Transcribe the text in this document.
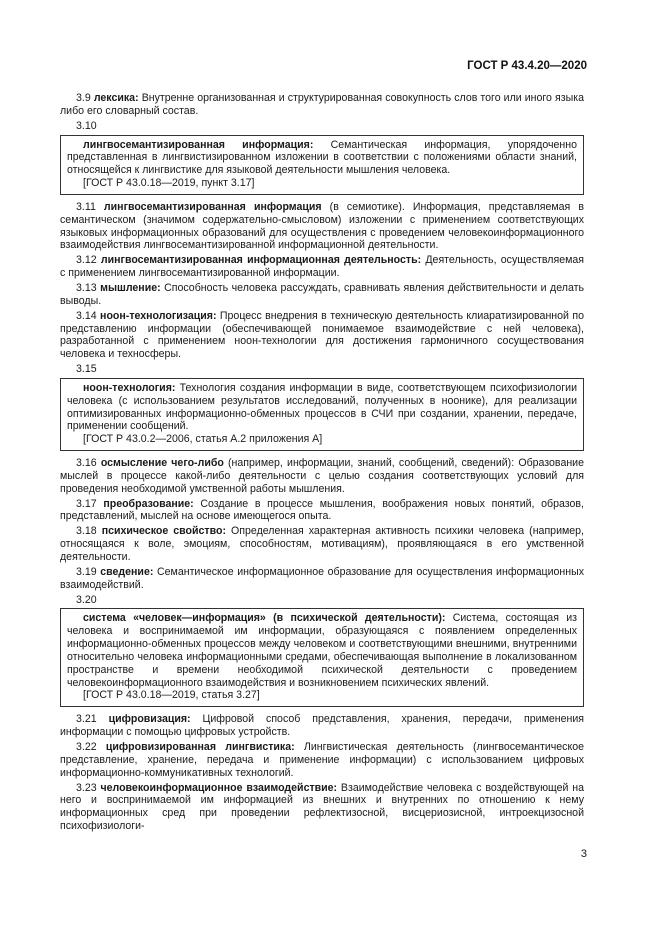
ГОСТ Р 43.4.20—2020

3.9 лексика: Внутренне организованная и структурированная совокупность слов того или иного языка либо его словарный состав.

3.10

лингвосемантизированная информация: Семантическая информация, упорядоченно представленная в лингвистизированном изложении в соответствии с положениями области знаний, относящейся к лингвистике для языковой деятельности мышления человека.

[ГОСТ Р 43.0.18—2019, пункт 3.17]

3.11 лингвосемантизированная информация (в семиотике). Информация, представляемая в семантическом (значимом содержательно-смысловом) изложении с применением соответствующих языковых информационных образований для осуществления с проведением человекоинформационного взаимодействия лингвосемантизированной информационной деятельности.

3.12 лингвосемантизированная информационная деятельность: Деятельность, осуществляемая с применением лингвосемантизированной информации.

3.13 мышление: Способность человека рассуждать, сравнивать явления действительности и делать выводы.

3.14 ноон-технологизация: Процесс внедрения в техническую деятельность клиаратизированной по представлению информации (обеспечивающей понимаемое взаимодействие с ней человека), разработанной с применением ноон-технологии для достижения гармоничного сосуществования человека и техносферы.

3.15

ноон-технология: Технология создания информации в виде, соответствующем психофизиологии человека (с использованием результатов исследований, полученных в ноонике), для реализации оптимизированных информационно-обменных процессов в СЧИ при создании, хранении, передаче, применении сообщений.

[ГОСТ Р 43.0.2—2006, статья А.2 приложения А]

3.16 осмысление чего-либо (например, информации, знаний, сообщений, сведений): Образование мыслей в процессе какой-либо деятельности с целью создания соответствующих условий для проведения необходимой умственной работы мышления.

3.17 преобразование: Создание в процессе мышления, воображения новых понятий, образов, представлений, мыслей на основе имеющегося опыта.

3.18 психическое свойство: Определенная характерная активность психики человека (например, относящаяся к воле, эмоциям, способностям, мотивациям), проявляющаяся в его умственной деятельности.

3.19 сведение: Семантическое информационное образование для осуществления информационных взаимодействий.

3.20

система «человек—информация» (в психической деятельности): Система, состоящая из человека и воспринимаемой им информации, образующаяся с появлением определенных информационно-обменных процессов между человеком и соответствующими внешними, внутренними относительно человека информационными средами, обеспечивающая выполнение в локализованном пространстве и времени необходимой психической деятельности с проведением человекоинформационного взаимодействия и возникновением психических явлений.

[ГОСТ Р 43.0.18—2019, статья 3.27]

3.21 цифровизация: Цифровой способ представления, хранения, передачи, применения информации с помощью цифровых устройств.

3.22 цифровизированная лингвистика: Лингвистическая деятельность (лингвосемантическое представление, хранение, передача и применение информации) с использованием цифровых информационно-коммуникативных технологий.

3.23 человекоинформационное взаимодействие: Взаимодействие человека с воздействующей на него и воспринимаемой им информацией из внешних и внутренних по отношению к нему информационных сред при проведении рефлектизосной, висцериозисной, интроекцизосной психофизиологи-

3
